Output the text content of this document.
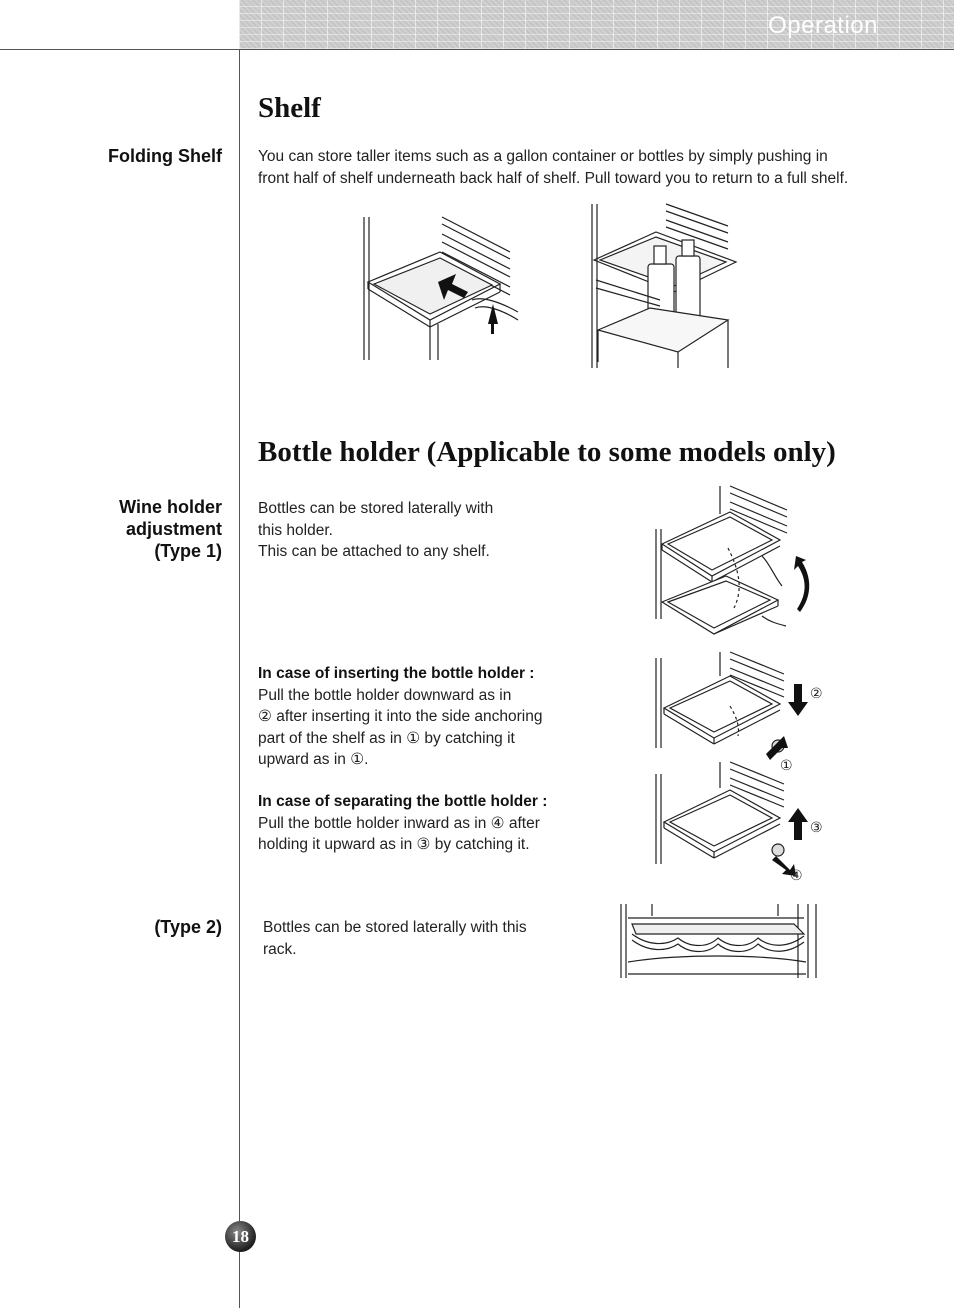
Operation
Shelf
Folding Shelf You can store taller items such as a gallon container or bottles by simply pushing in
front half of shelf underneath back half of shelf. Pull toward you to return to a full shelf.
Bottle holder (Applicable to some models only)
Wine holder
adjustment
(Type 1)
Bottles can be stored laterally with
this holder.
This can be attached to any shelf.
In case of inserting the bottle holder :
Pull the bottle holder downward as in
② after inserting it into the side anchoring
part of the shelf as in ① by catching it
upward as in ①.
In case of separating the bottle holder :
Pull the bottle holder inward as in ④ after
holding it upward as in ③ by catching it.
②
①
③
④
(Type 2)	Bottles can be stored laterally with this
rack.
18
